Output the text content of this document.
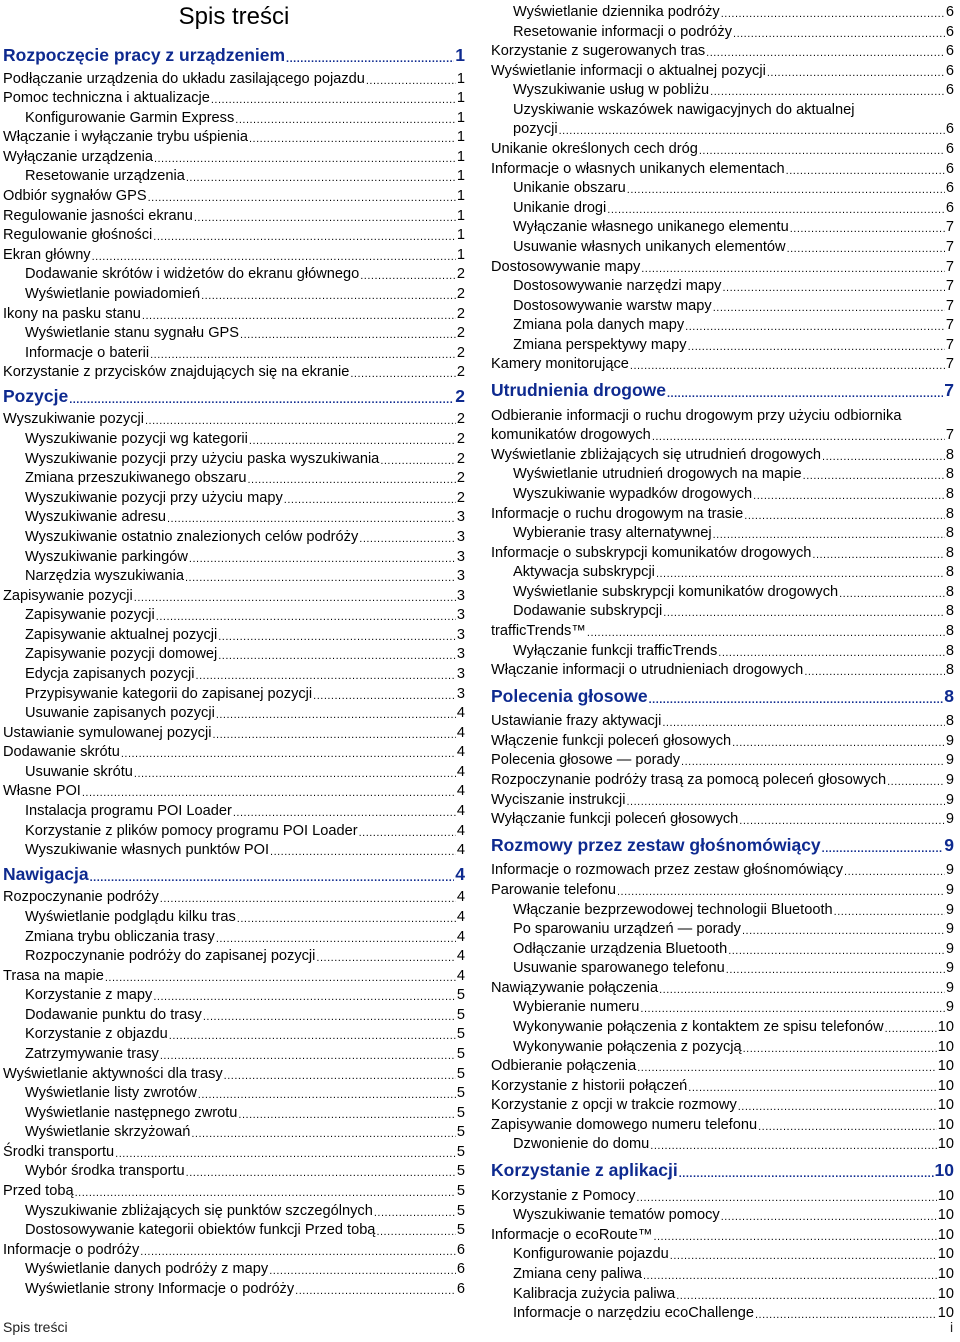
Spis treści
Rozpoczęcie pracy z urządzeniem .....	1
Podłączanie urządzenia do układu zasilającego pojazdu .....	1
Pomoc techniczna i aktualizacje .....	1
Konfigurowanie Garmin Express .....	1
Włączanie i wyłączanie trybu uśpienia .....	1
Wyłączanie urządzenia .....	1
Resetowanie urządzenia .....	1
Odbiór sygnałów GPS .....	1
Regulowanie jasności ekranu .....	1
Regulowanie głośności .....	1
Ekran główny .....	1
Dodawanie skrótów i widżetów do ekranu głównego .....	2
Wyświetlanie powiadomień .....	2
Ikony na pasku stanu .....	2
Wyświetlanie stanu sygnału GPS .....	2
Informacje o baterii .....	2
Korzystanie z przycisków znajdujących się na ekranie .....	2
Pozycje .....	2
Wyszukiwanie pozycji .....	2
Wyszukiwanie pozycji wg kategorii .....	2
Wyszukiwanie pozycji przy użyciu paska wyszukiwania .....	2
Zmiana przeszukiwanego obszaru .....	2
Wyszukiwanie pozycji przy użyciu mapy .....	2
Wyszukiwanie adresu .....	3
Wyszukiwanie ostatnio znalezionych celów podróży .....	3
Wyszukiwanie parkingów .....	3
Narzędzia wyszukiwania .....	3
Zapisywanie pozycji .....	3
Zapisywanie pozycji .....	3
Zapisywanie aktualnej pozycji .....	3
Zapisywanie pozycji domowej .....	3
Edycja zapisanych pozycji .....	3
Przypisywanie kategorii do zapisanej pozycji .....	3
Usuwanie zapisanych pozycji .....	4
Ustawianie symulowanej pozycji .....	4
Dodawanie skrótu .....	4
Usuwanie skrótu .....	4
Własne POI .....	4
Instalacja programu POI Loader .....	4
Korzystanie z plików pomocy programu POI Loader .....	4
Wyszukiwanie własnych punktów POI .....	4
Nawigacja .....	4
Rozpoczynanie podróży .....	4
Wyświetlanie podglądu kilku tras .....	4
Zmiana trybu obliczania trasy .....	4
Rozpoczynanie podróży do zapisanej pozycji .....	4
Trasa na mapie .....	4
Korzystanie z mapy .....	5
Dodawanie punktu do trasy .....	5
Korzystanie z objazdu .....	5
Zatrzymywanie trasy .....	5
Wyświetlanie aktywności dla trasy .....	5
Wyświetlanie listy zwrotów .....	5
Wyświetlanie następnego zwrotu .....	5
Wyświetlanie skrzyżowań .....	5
Środki transportu .....	5
Wybór środka transportu .....	5
Przed tobą .....	5
Wyszukiwanie zbliżających się punktów szczególnych .....	5
Dostosowywanie kategorii obiektów funkcji Przed tobą .....	5
Informacje o podróży .....	6
Wyświetlanie danych podróży z mapy .....	6
Wyświetlanie strony Informacje o podróży .....	6
Wyświetlanie dziennika podróży .....	6
Resetowanie informacji o podróży .....	6
Korzystanie z sugerowanych tras .....	6
Wyświetlanie informacji o aktualnej pozycji .....	6
Wyszukiwanie usług w pobliżu .....	6
Uzyskiwanie wskazówek nawigacyjnych do aktualnej
pozycji .....	6
Unikanie określonych cech dróg .....	6
Informacje o własnych unikanych elementach .....	6
Unikanie obszaru .....	6
Unikanie drogi .....	6
Wyłączanie własnego unikanego elementu .....	7
Usuwanie własnych unikanych elementów .....	7
Dostosowywanie mapy .....	7
Dostosowywanie narzędzi mapy .....	7
Dostosowywanie warstw mapy .....	7
Zmiana pola danych mapy .....	7
Zmiana perspektywy mapy .....	7
Kamery monitorujące .....	7
Utrudnienia drogowe .....	7
Odbieranie informacji o ruchu drogowym przy użyciu odbiornika
komunikatów drogowych .....	7
Wyświetlanie zbliżających się utrudnień drogowych .....	8
Wyświetlanie utrudnień drogowych na mapie .....	8
Wyszukiwanie wypadków drogowych .....	8
Informacje o ruchu drogowym na trasie .....	8
Wybieranie trasy alternatywnej .....	8
Informacje o subskrypcji komunikatów drogowych .....	8
Aktywacja subskrypcji .....	8
Wyświetlanie subskrypcji komunikatów drogowych .....	8
Dodawanie subskrypcji .....	8
trafficTrends™ .....	8
Wyłączanie funkcji trafficTrends .....	8
Włączanie informacji o utrudnieniach drogowych .....	8
Polecenia głosowe .....	8
Ustawianie frazy aktywacji .....	8
Włączenie funkcji poleceń głosowych .....	9
Polecenia głosowe — porady .....	9
Rozpoczynanie podróży trasą za pomocą poleceń głosowych .....	9
Wyciszanie instrukcji .....	9
Wyłączanie funkcji poleceń głosowych .....	9
Rozmowy przez zestaw głośnomówiący .....	9
Informacje o rozmowach przez zestaw głośnomówiący .....	9
Parowanie telefonu .....	9
Włączanie bezprzewodowej technologii Bluetooth .....	9
Po sparowaniu urządzeń — porady .....	9
Odłączanie urządzenia Bluetooth .....	9
Usuwanie sparowanego telefonu .....	9
Nawiązywanie połączenia .....	9
Wybieranie numeru .....	9
Wykonywanie połączenia z kontaktem ze spisu telefonów .....	10
Wykonywanie połączenia z pozycją .....	10
Odbieranie połączenia .....	10
Korzystanie z historii połączeń .....	10
Korzystanie z opcji w trakcie rozmowy .....	10
Zapisywanie domowego numeru telefonu .....	10
Dzwonienie do domu .....	10
Korzystanie z aplikacji .....	10
Korzystanie z Pomocy .....	10
Wyszukiwanie tematów pomocy .....	10
Informacje o ecoRoute™ .....	10
Konfigurowanie pojazdu .....	10
Zmiana ceny paliwa .....	10
Kalibracja zużycia paliwa .....	10
Informacje o narzędziu ecoChallenge .....	10
Spis treści	i
